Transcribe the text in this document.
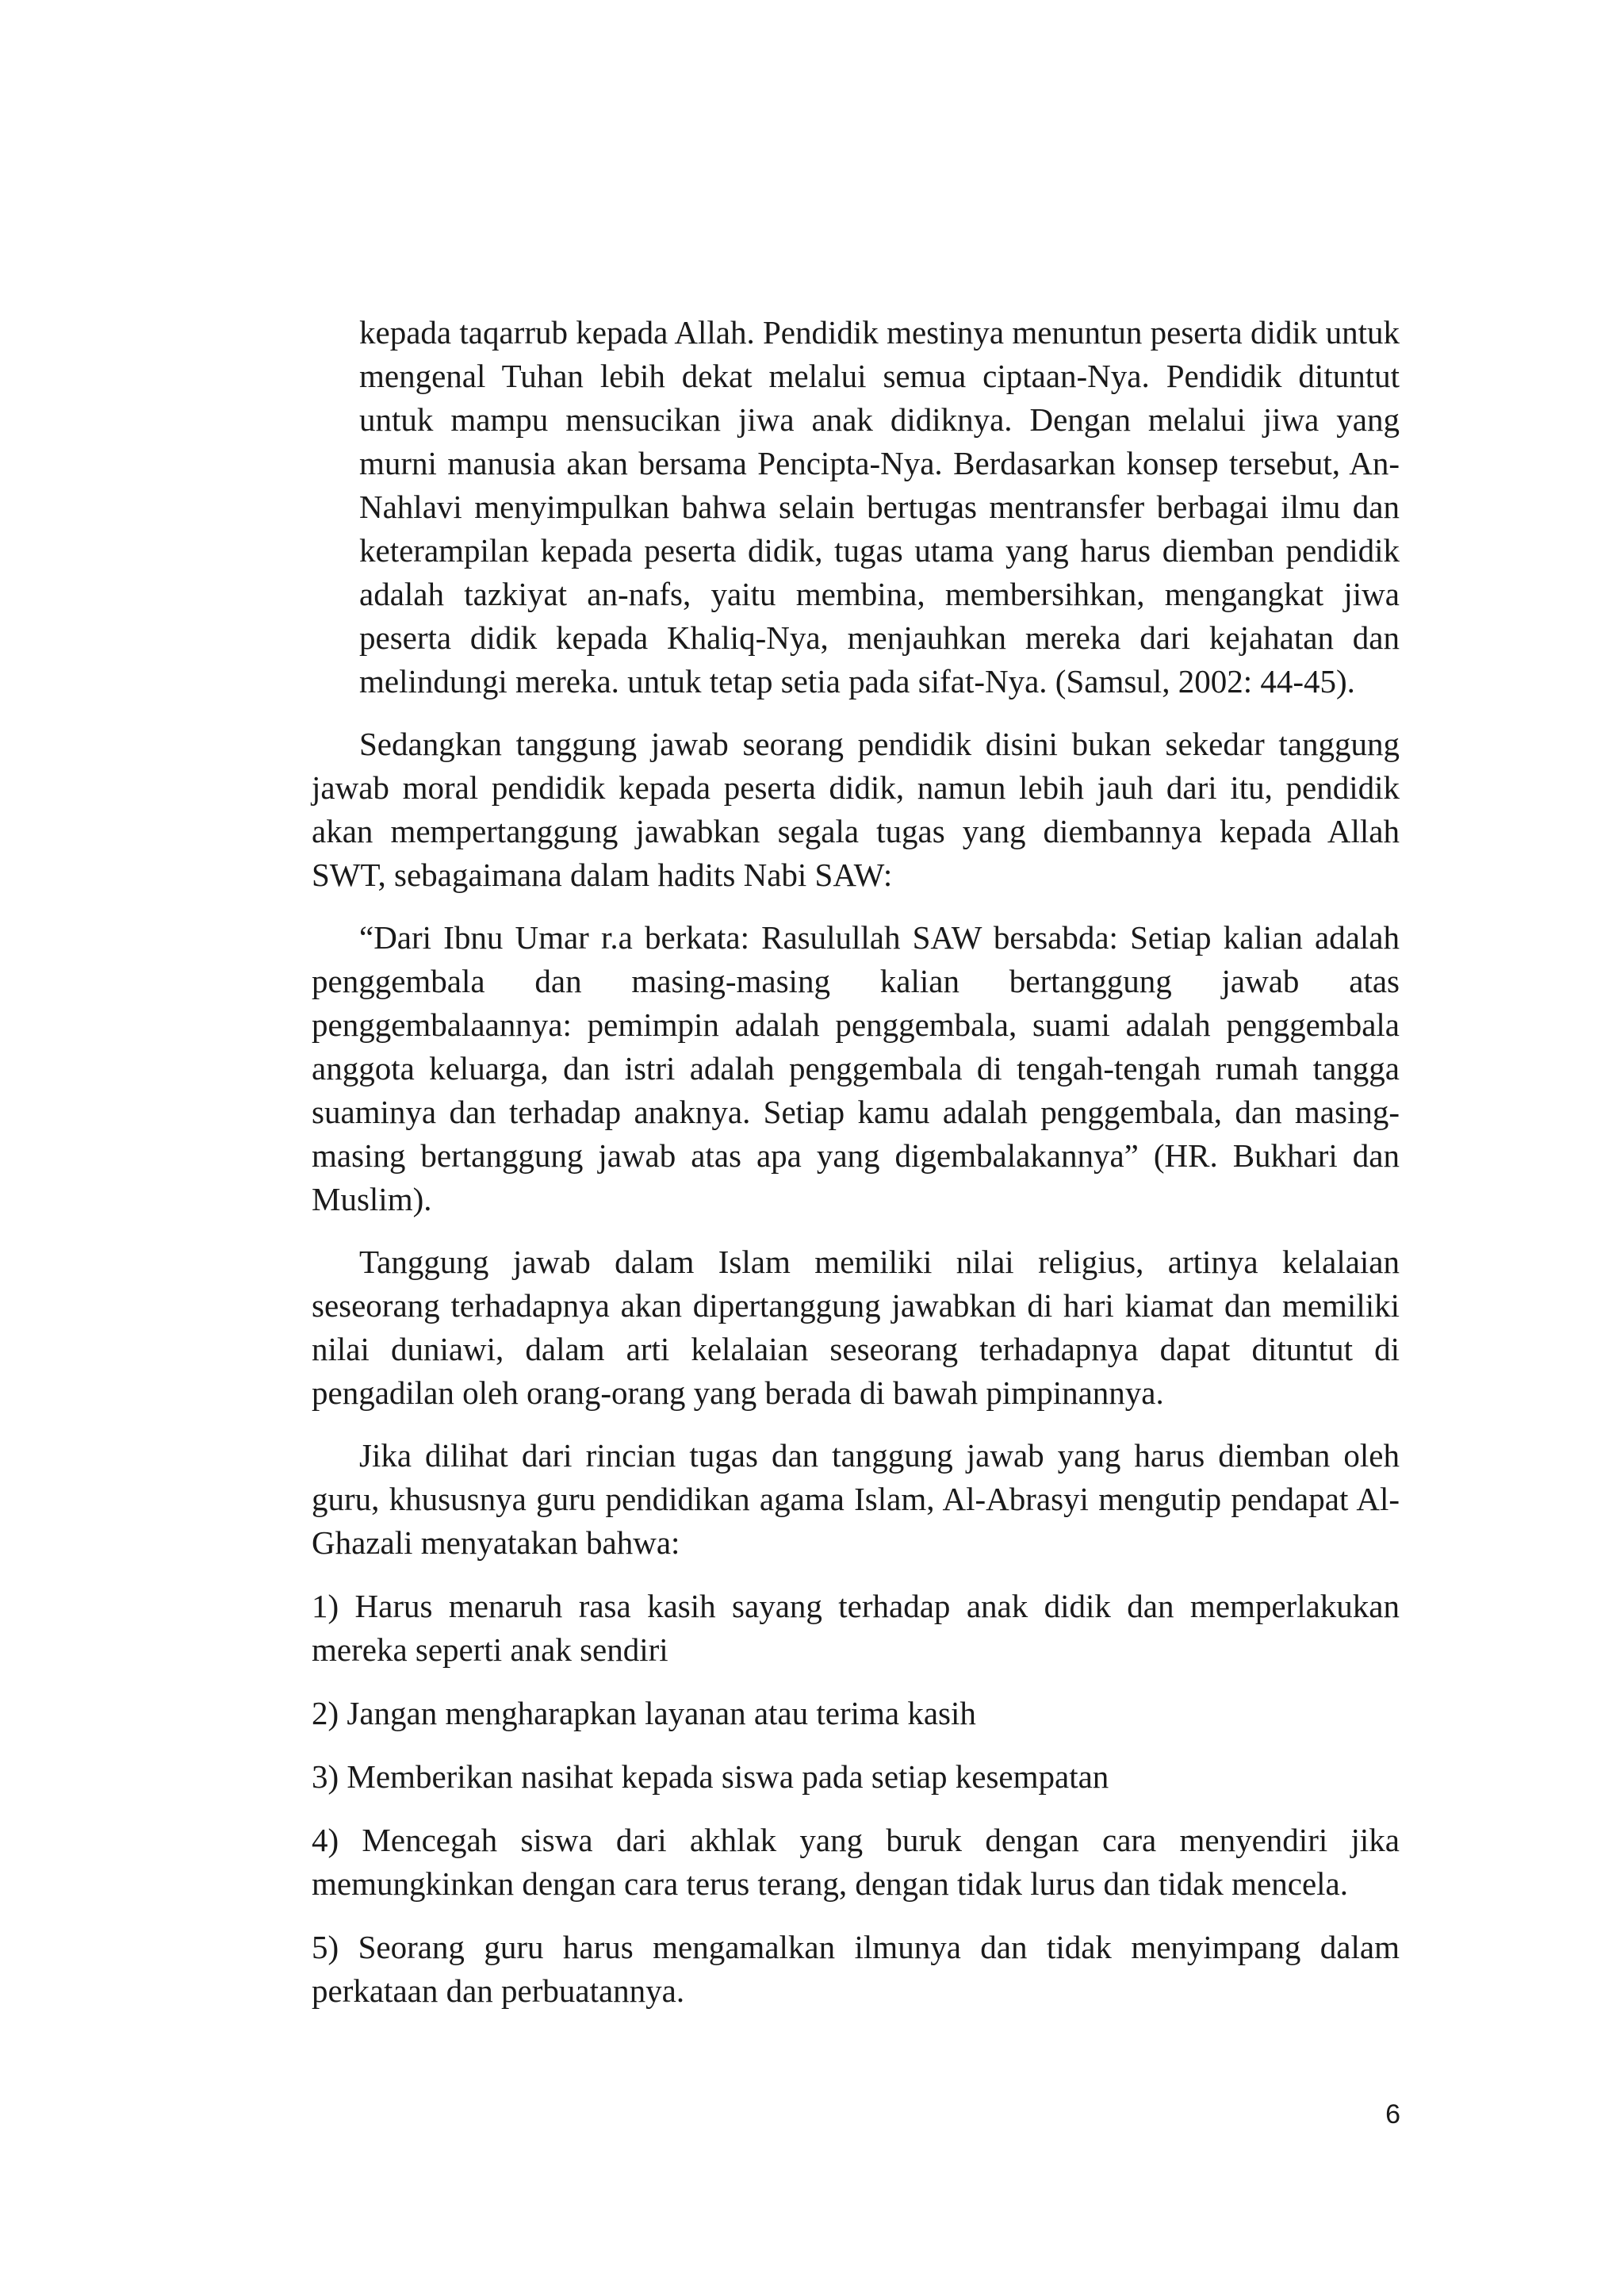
kepada taqarrub kepada Allah. Pendidik mestinya menuntun peserta didik untuk mengenal Tuhan lebih dekat melalui semua ciptaan-Nya. Pendidik dituntut untuk mampu mensucikan jiwa anak didiknya. Dengan melalui jiwa yang murni manusia akan bersama Pencipta-Nya. Berdasarkan konsep tersebut, An-Nahlavi menyimpulkan bahwa selain bertugas mentransfer berbagai ilmu dan keterampilan kepada peserta didik, tugas utama yang harus diemban pendidik adalah tazkiyat an-nafs, yaitu membina, membersihkan, mengangkat jiwa peserta didik kepada Khaliq-Nya, menjauhkan mereka dari kejahatan dan melindungi mereka. untuk tetap setia pada sifat-Nya. (Samsul, 2002: 44-45).

Sedangkan tanggung jawab seorang pendidik disini bukan sekedar tanggung jawab moral pendidik kepada peserta didik, namun lebih jauh dari itu, pendidik akan mempertanggung jawabkan segala tugas yang diembannya kepada Allah SWT, sebagaimana dalam hadits Nabi SAW:

“Dari Ibnu Umar r.a berkata: Rasulullah SAW bersabda: Setiap kalian adalah penggembala dan masing-masing kalian bertanggung jawab atas penggembalaannya: pemimpin adalah penggembala, suami adalah penggembala anggota keluarga, dan istri adalah penggembala di tengah-tengah rumah tangga suaminya dan terhadap anaknya. Setiap kamu adalah penggembala, dan masing-masing bertanggung jawab atas apa yang digembalakannya” (HR. Bukhari dan Muslim).

Tanggung jawab dalam Islam memiliki nilai religius, artinya kelalaian seseorang terhadapnya akan dipertanggung jawabkan di hari kiamat dan memiliki nilai duniawi, dalam arti kelalaian seseorang terhadapnya dapat dituntut di pengadilan oleh orang-orang yang berada di bawah pimpinannya.

Jika dilihat dari rincian tugas dan tanggung jawab yang harus diemban oleh guru, khususnya guru pendidikan agama Islam, Al-Abrasyi mengutip pendapat Al-Ghazali menyatakan bahwa:

1) Harus menaruh rasa kasih sayang terhadap anak didik dan memperlakukan mereka seperti anak sendiri

2) Jangan mengharapkan layanan atau terima kasih

3) Memberikan nasihat kepada siswa pada setiap kesempatan

4) Mencegah siswa dari akhlak yang buruk dengan cara menyendiri jika memungkinkan dengan cara terus terang, dengan tidak lurus dan tidak mencela.

5) Seorang guru harus mengamalkan ilmunya dan tidak menyimpang dalam perkataan dan perbuatannya.

6
